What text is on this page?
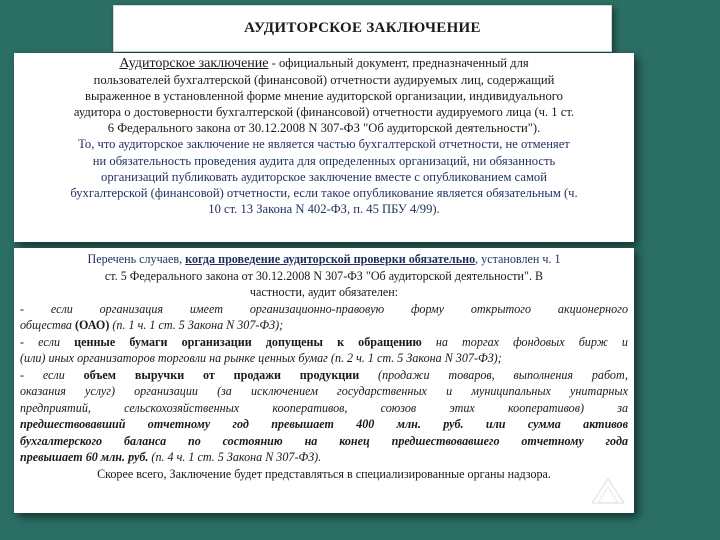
АУДИТОРСКОЕ ЗАКЛЮЧЕНИЕ
Аудиторское заключение - официальный документ, предназначенный для
пользователей бухгалтерской (финансовой) отчетности аудируемых лиц, содержащий
выраженное в установленной форме мнение аудиторской организации, индивидуального
аудитора о достоверности бухгалтерской (финансовой) отчетности аудируемого лица (ч. 1 ст.
6 Федерального закона от 30.12.2008 N 307-ФЗ "Об аудиторской деятельности").
То, что аудиторское заключение не является частью бухгалтерской отчетности, не отменяет
ни обязательность проведения аудита для определенных организаций, ни обязанность
организаций публиковать аудиторское заключение вместе с опубликованием самой
бухгалтерской (финансовой) отчетности, если такое опубликование является обязательным (ч.
10 ст. 13 Закона N 402-ФЗ, п. 45 ПБУ 4/99).
Перечень случаев, когда проведение аудиторской проверки обязательно, установлен ч. 1
ст. 5 Федерального закона от 30.12.2008 N 307-ФЗ "Об аудиторской деятельности". В
частности, аудит обязателен:
- если организация имеет организационно-правовую форму открытого акционерного
общества (ОАО) (п. 1 ч. 1 ст. 5 Закона N 307-ФЗ);
- если ценные бумаги организации допущены к обращению на торгах фондовых бирж и
(или) иных организаторов торговли на рынке ценных бумаг (п. 2 ч. 1 ст. 5 Закона N 307-ФЗ);
- если объем выручки от продажи продукции (продажи товаров, выполнения работ,
оказания услуг) организации (за исключением государственных и муниципальных унитарных
предприятий, сельскохозяйственных кооперативов, союзов этих кооперативов) за
предшествовавший отчетному год превышает 400 млн. руб. или сумма активов
бухгалтерского баланса по состоянию на конец предшествовавшего отчетному года
превышает 60 млн. руб. (п. 4 ч. 1 ст. 5 Закона N 307-ФЗ).
Скорее всего, Заключение будет представляться в специализированные органы надзора.
